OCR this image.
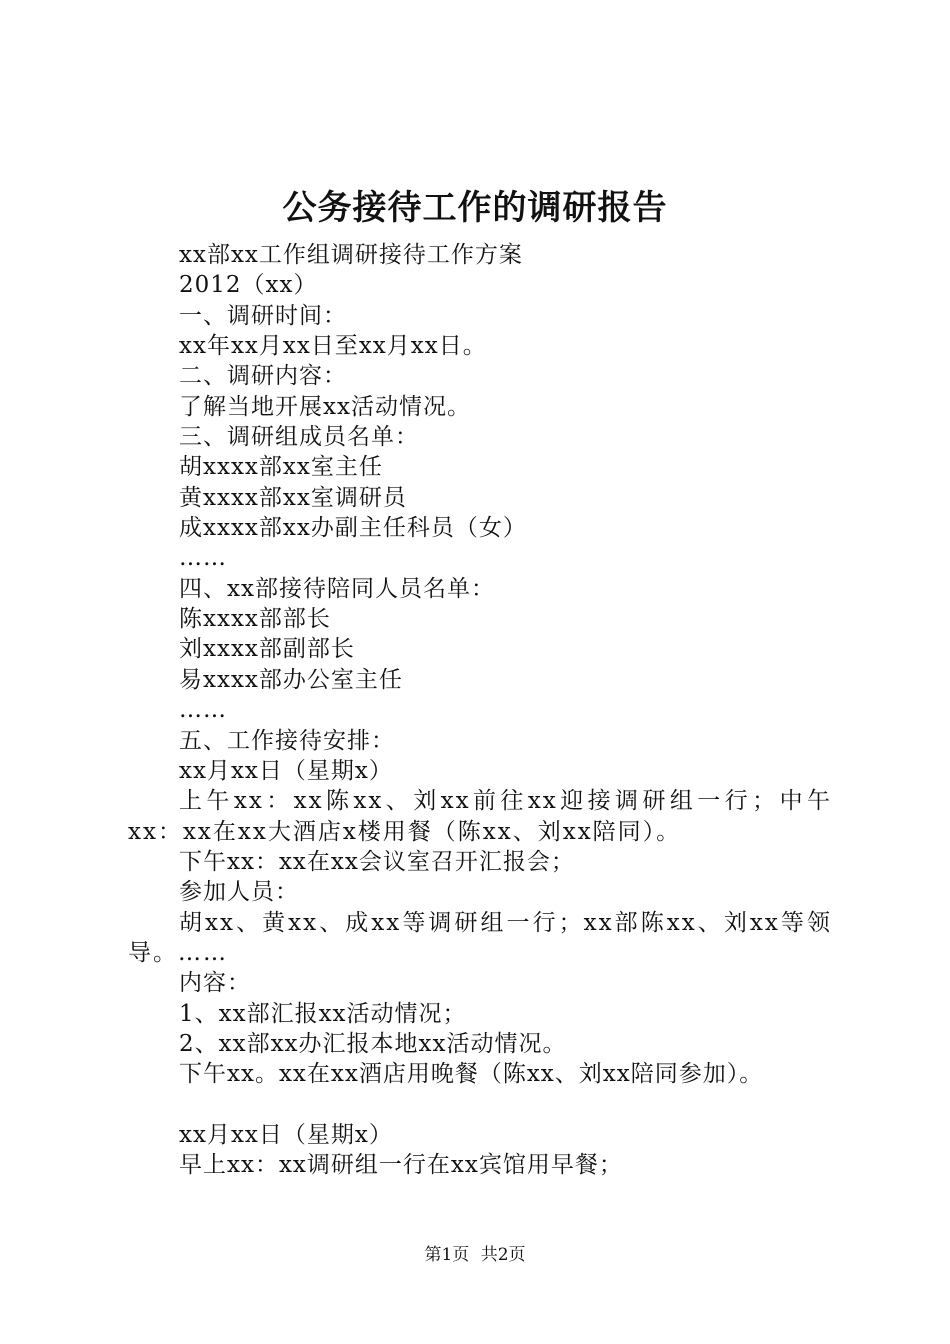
公务接待工作的调研报告
xx部xx工作组调研接待工作方案
2012（xx）
一、调研时间：
xx年xx月xx日至xx月xx日。
二、调研内容：
了解当地开展xx活动情况。
三、调研组成员名单：
胡xxxx部xx室主任
黄xxxx部xx室调研员
成xxxx部xx办副主任科员（女）
……
四、xx部接待陪同人员名单：
陈xxxx部部长
刘xxxx部副部长
易xxxx部办公室主任
……
五、工作接待安排：
xx月xx日（星期x）
上午xx：xx陈xx、刘xx前往xx迎接调研组一行；中午xx：xx在xx大酒店x楼用餐（陈xx、刘xx陪同）。
下午xx：xx在xx会议室召开汇报会；
参加人员：
胡xx、黄xx、成xx等调研组一行；xx部陈xx、刘xx等领导。……
内容：
1、xx部汇报xx活动情况；
2、xx部xx办汇报本地xx活动情况。
下午xx。xx在xx酒店用晚餐（陈xx、刘xx陪同参加）。
xx月xx日（星期x）
早上xx：xx调研组一行在xx宾馆用早餐；
第1页 共2页
